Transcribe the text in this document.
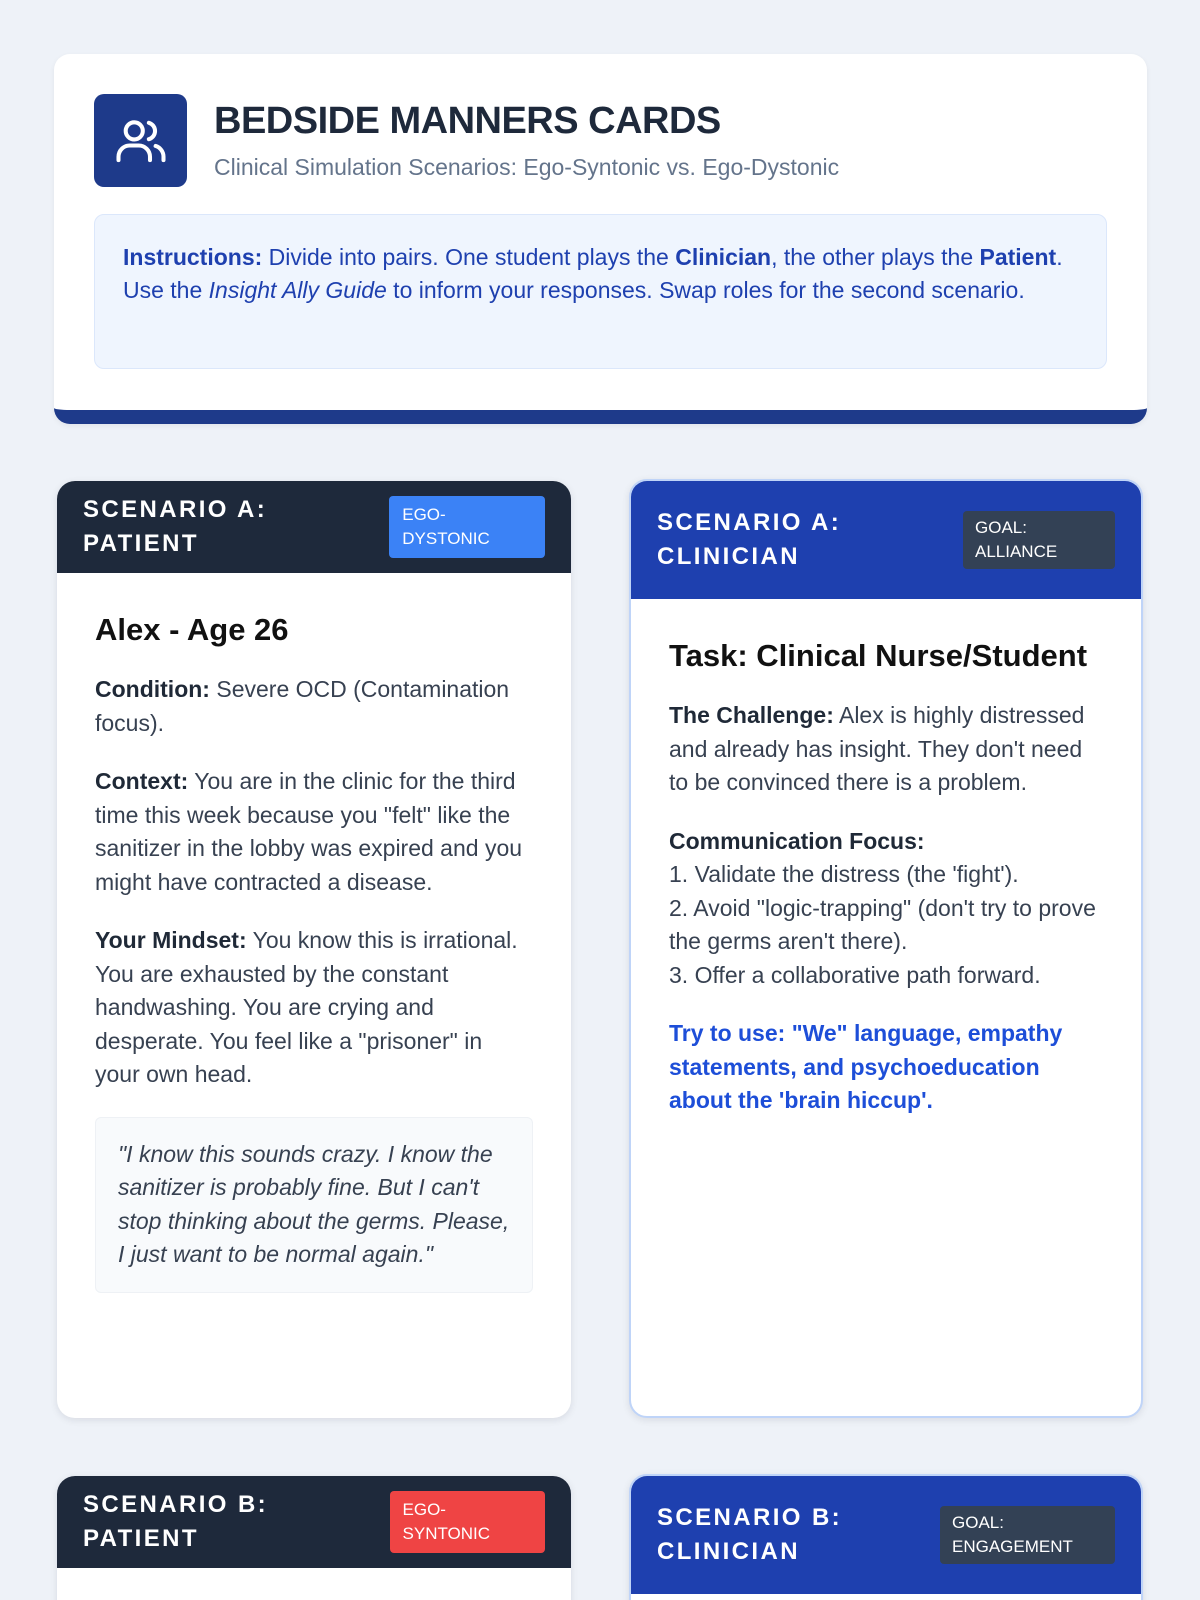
BEDSIDE MANNERS CARDS
Clinical Simulation Scenarios: Ego-Syntonic vs. Ego-Dystonic
Instructions: Divide into pairs. One student plays the Clinician, the other plays the Patient. Use the Insight Ally Guide to inform your responses. Swap roles for the second scenario.
SCENARIO A: PATIENT
EGO-DYSTONIC
Alex - Age 26

Condition: Severe OCD (Contamination focus).

Context: You are in the clinic for the third time this week because you "felt" like the sanitizer in the lobby was expired and you might have contracted a disease.

Your Mindset: You know this is irrational. You are exhausted by the constant handwashing. You are crying and desperate. You feel like a "prisoner" in your own head.

"I know this sounds crazy. I know the sanitizer is probably fine. But I can't stop thinking about the germs. Please, I just want to be normal again."
SCENARIO A: CLINICIAN
GOAL: ALLIANCE
Task: Clinical Nurse/Student

The Challenge: Alex is highly distressed and already has insight. They don't need to be convinced there is a problem.

Communication Focus:
1. Validate the distress (the 'fight').
2. Avoid "logic-trapping" (don't try to prove the germs aren't there).
3. Offer a collaborative path forward.

Try to use: "We" language, empathy statements, and psychoeducation about the 'brain hiccup'.

SCENARIO B: PATIENT
EGO-SYNTONIC
SCENARIO B: CLINICIAN
GOAL: ENGAGEMENT
